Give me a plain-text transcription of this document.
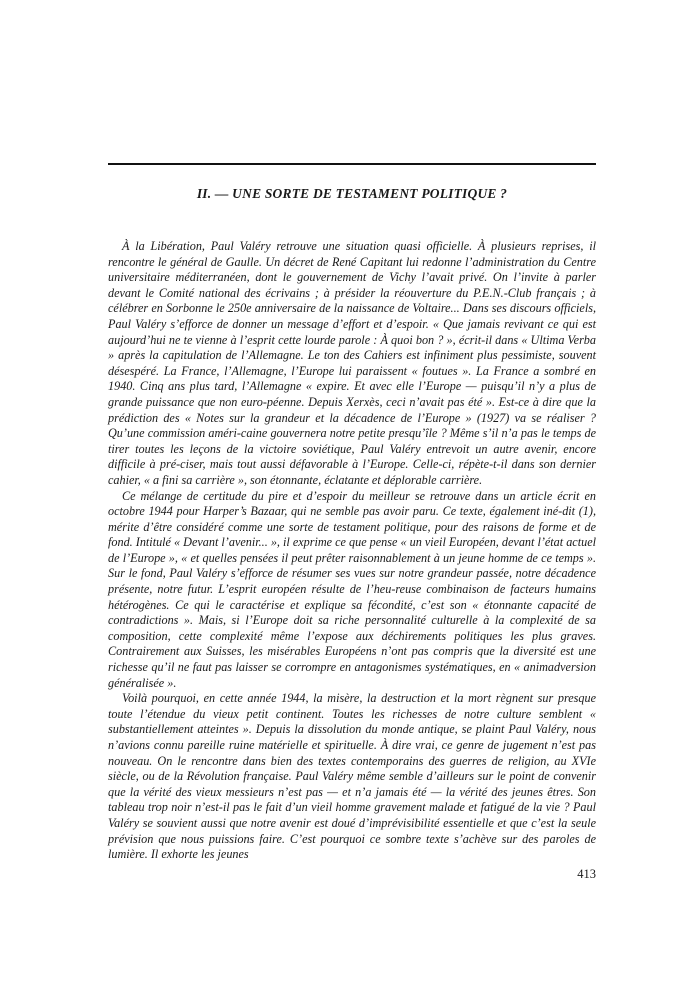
II. — UNE SORTE DE TESTAMENT POLITIQUE ?

À la Libération, Paul Valéry retrouve une situation quasi officielle. À plusieurs reprises, il rencontre le général de Gaulle. Un décret de René Capitant lui redonne l’administration du Centre universitaire méditerranéen, dont le gouvernement de Vichy l’avait privé. On l’invite à parler devant le Comité national des écrivains ; à présider la réouverture du P.E.N.-Club français ; à célébrer en Sorbonne le 250e anniversaire de la naissance de Voltaire... Dans ses discours officiels, Paul Valéry s’efforce de donner un message d’effort et d’espoir. « Que jamais revivant ce qui est aujourd’hui ne te vienne à l’esprit cette lourde parole : À quoi bon ? », écrit-il dans « Ultima Verba » après la capitulation de l’Allemagne. Le ton des Cahiers est infiniment plus pessimiste, souvent désespéré. La France, l’Allemagne, l’Europe lui paraissent « foutues ». La France a sombré en 1940. Cinq ans plus tard, l’Allemagne « expire. Et avec elle l’Europe — puisqu’il n’y a plus de grande puissance que non euro-péenne. Depuis Xerxès, ceci n’avait pas été ». Est-ce à dire que la prédiction des « Notes sur la grandeur et la décadence de l’Europe » (1927) va se réaliser ? Qu’une commission améri-caine gouvernera notre petite presqu’île ? Même s’il n’a pas le temps de tirer toutes les leçons de la victoire soviétique, Paul Valéry entrevoit un autre avenir, encore difficile à pré-ciser, mais tout aussi défavorable à l’Europe. Celle-ci, répète-t-il dans son dernier cahier, « a fini sa carrière », son étonnante, éclatante et déplorable carrière.

Ce mélange de certitude du pire et d’espoir du meilleur se retrouve dans un article écrit en octobre 1944 pour Harper’s Bazaar, qui ne semble pas avoir paru. Ce texte, également iné-dit (1), mérite d’être considéré comme une sorte de testament politique, pour des raisons de forme et de fond. Intitulé « Devant l’avenir... », il exprime ce que pense « un vieil Européen, devant l’état actuel de l’Europe », « et quelles pensées il peut prêter raisonnablement à un jeune homme de ce temps ». Sur le fond, Paul Valéry s’efforce de résumer ses vues sur notre grandeur passée, notre décadence présente, notre futur. L’esprit européen résulte de l’heu-reuse combinaison de facteurs humains hétérogènes. Ce qui le caractérise et explique sa fécondité, c’est son « étonnante capacité de contradictions ». Mais, si l’Europe doit sa riche personnalité culturelle à la complexité de sa composition, cette complexité même l’expose aux déchirements politiques les plus graves. Contrairement aux Suisses, les misérables Européens n’ont pas compris que la diversité est une richesse qu’il ne faut pas laisser se corrompre en antagonismes systématiques, en « animadversion généralisée ».

Voilà pourquoi, en cette année 1944, la misère, la destruction et la mort règnent sur presque toute l’étendue du vieux petit continent. Toutes les richesses de notre culture semblent « substantiellement atteintes ». Depuis la dissolution du monde antique, se plaint Paul Valéry, nous n’avions connu pareille ruine matérielle et spirituelle. À dire vrai, ce genre de jugement n’est pas nouveau. On le rencontre dans bien des textes contemporains des guerres de religion, au XVIe siècle, ou de la Révolution française. Paul Valéry même semble d’ailleurs sur le point de convenir que la vérité des vieux messieurs n’est pas — et n’a jamais été — la vérité des jeunes êtres. Son tableau trop noir n’est-il pas le fait d’un vieil homme gravement malade et fatigué de la vie ? Paul Valéry se souvient aussi que notre avenir est doué d’imprévisibilité essentielle et que c’est la seule prévision que nous puissions faire. C’est pourquoi ce sombre texte s’achève sur des paroles de lumière. Il exhorte les jeunes

413
